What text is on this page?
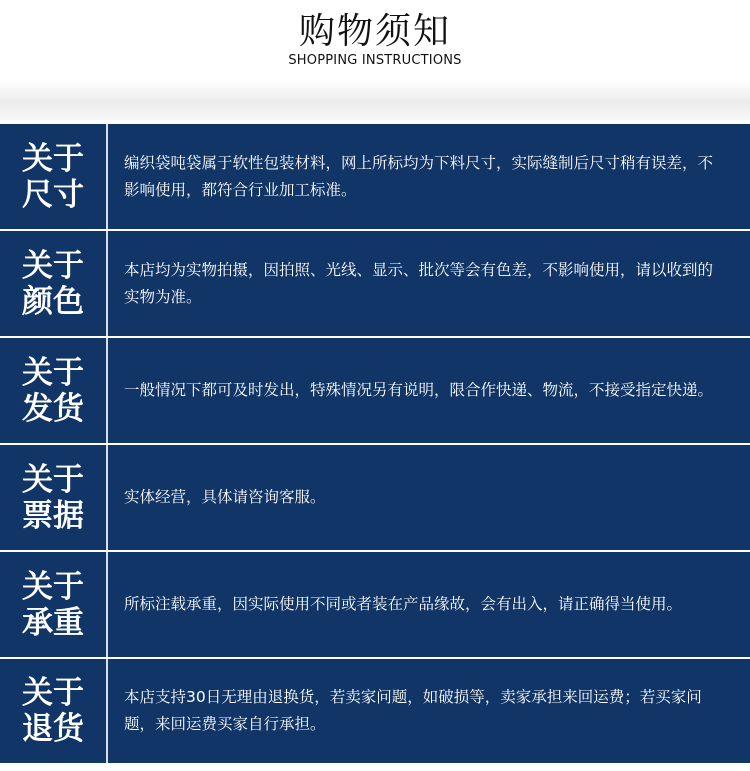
购物须知
SHOPPING INSTRUCTIONS
关于
尺寸
编织袋吨袋属于软性包装材料，网上所标均为下料尺寸，实际缝制后尺寸稍有误差，不影响使用，都符合行业加工标准。
关于
颜色
本店均为实物拍摄，因拍照、光线、显示、批次等会有色差，不影响使用，请以收到的实物为准。
关于
发货
一般情况下都可及时发出，特殊情况另有说明，限合作快递、物流，不接受指定快递。
关于
票据
实体经营，具体请咨询客服。
关于
承重
所标注载承重，因实际使用不同或者装在产品缘故，会有出入，请正确得当使用。
关于
退货
本店支持30日无理由退换货，若卖家问题，如破损等，卖家承担来回运费；若买家问题，来回运费买家自行承担。
